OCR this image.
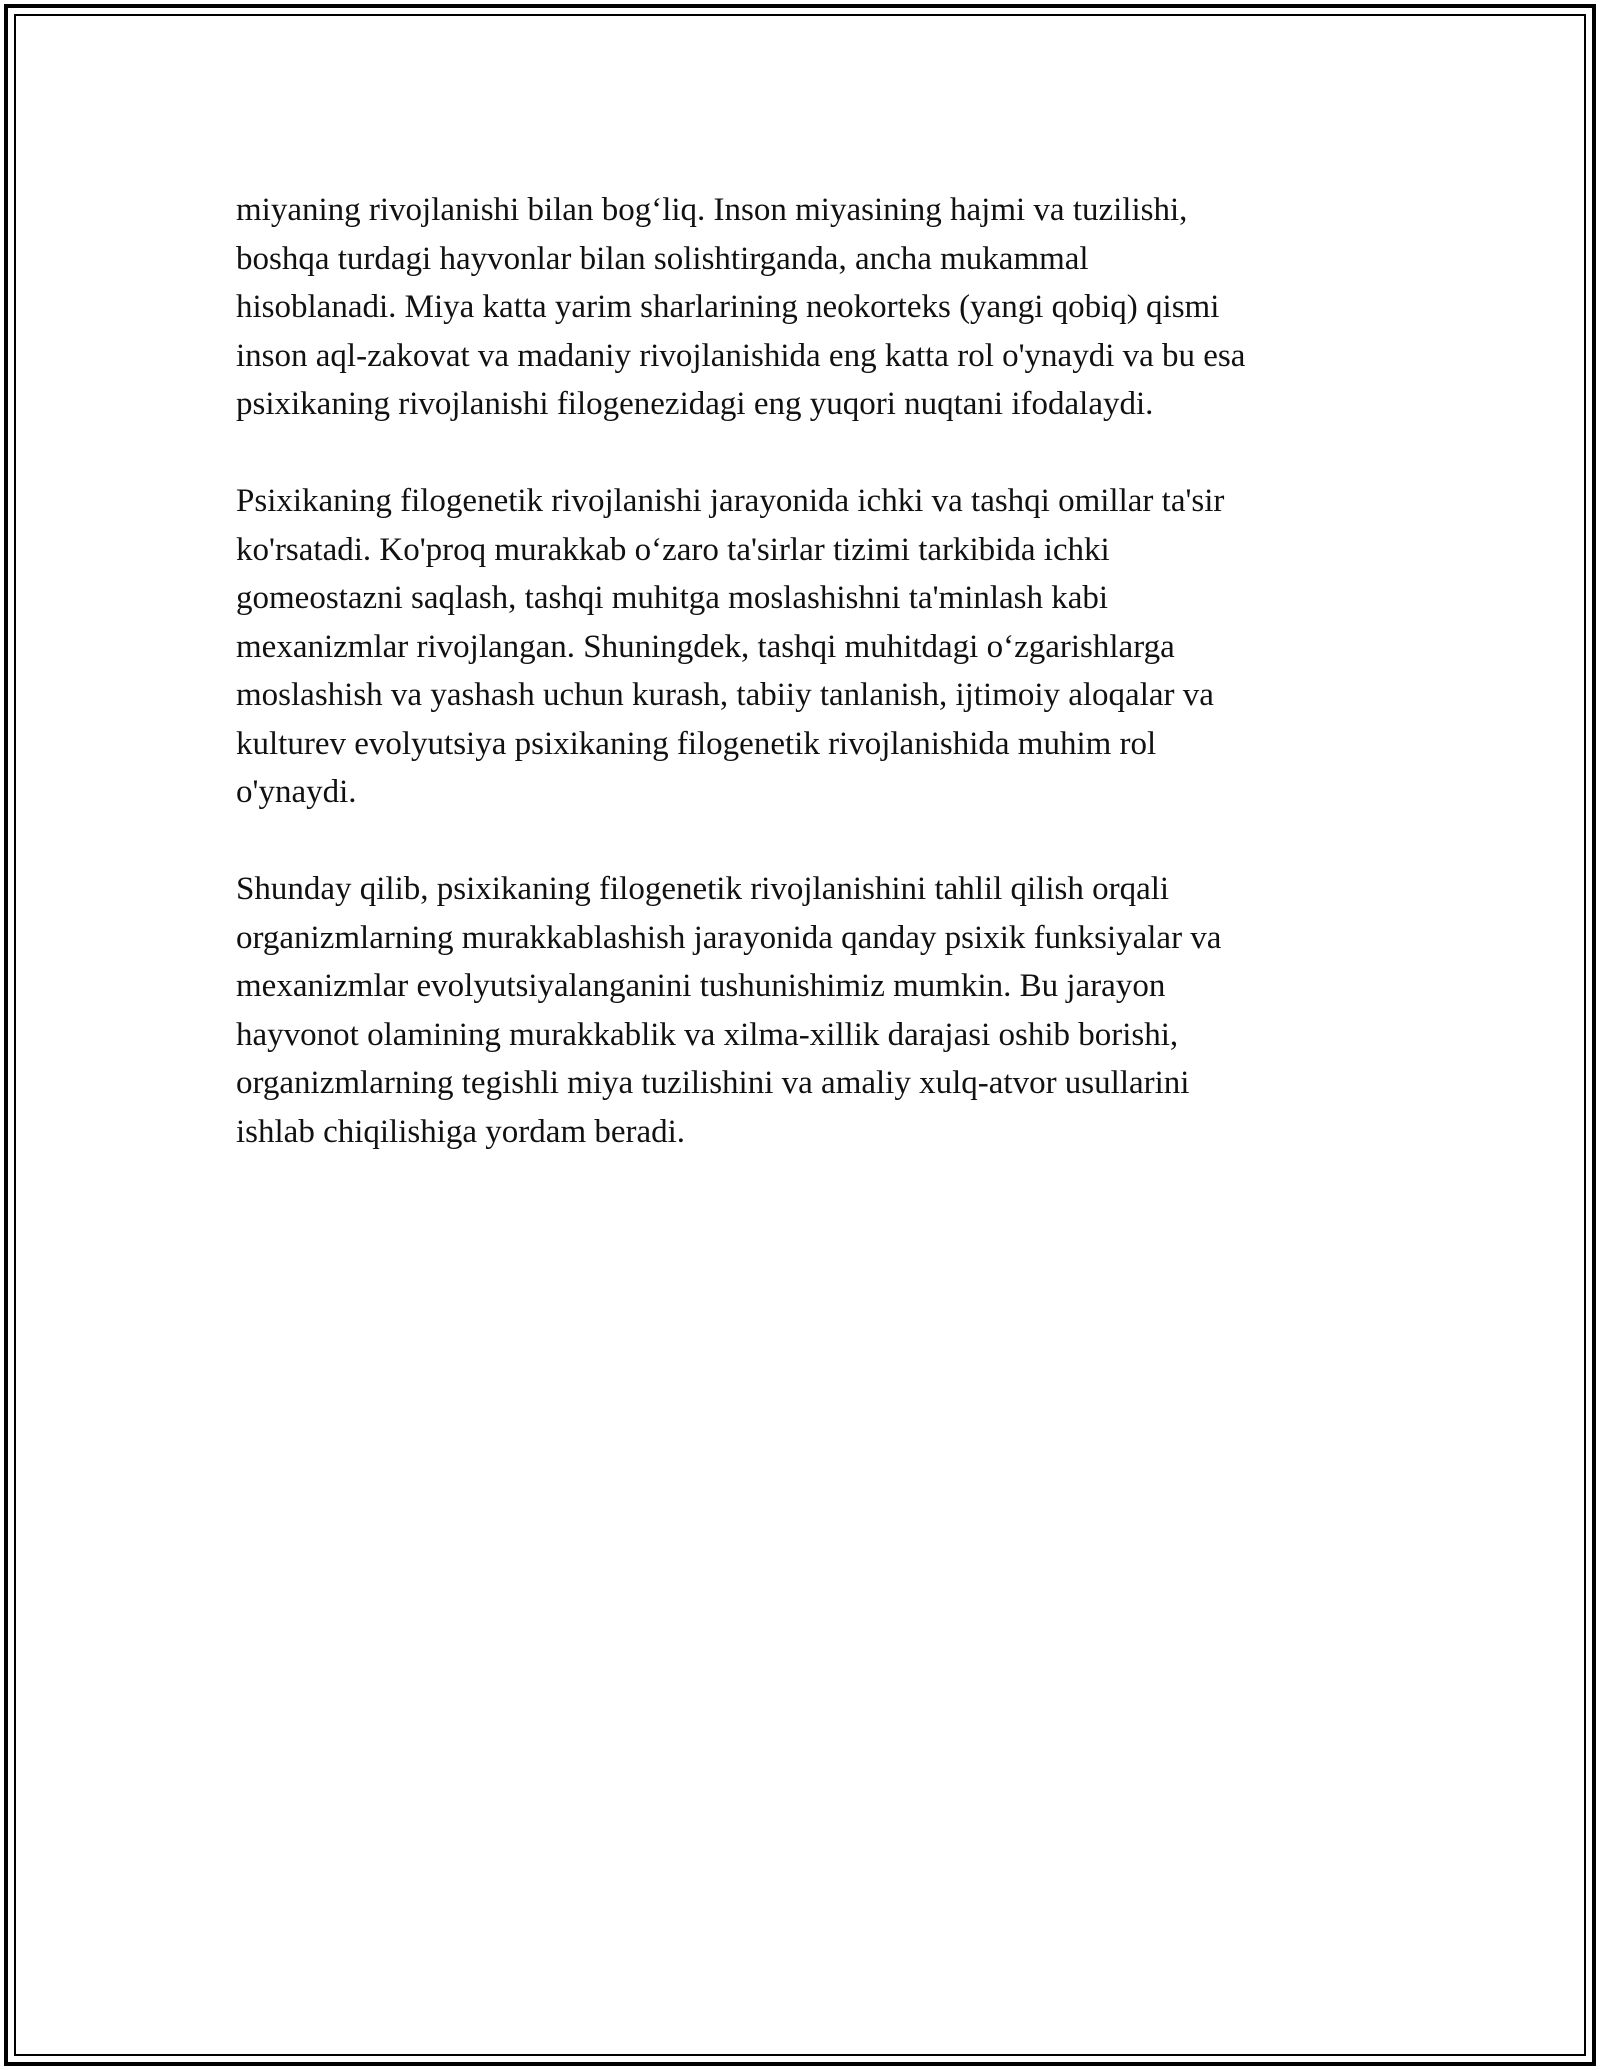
miyaning rivojlanishi bilan bog‘liq. Inson miyasining hajmi va tuzilishi,
boshqa turdagi hayvonlar bilan solishtirganda, ancha mukammal
hisoblanadi. Miya katta yarim sharlarining neokorteks (yangi qobiq) qismi
inson aql-zakovat va madaniy rivojlanishida eng katta rol o'ynaydi va bu esa
psixikaning rivojlanishi filogenezidagi eng yuqori nuqtani ifodalaydi.

Psixikaning filogenetik rivojlanishi jarayonida ichki va tashqi omillar ta'sir
ko'rsatadi. Ko'proq murakkab o‘zaro ta'sirlar tizimi tarkibida ichki
gomeostazni saqlash, tashqi muhitga moslashishni ta'minlash kabi
mexanizmlar rivojlangan. Shuningdek, tashqi muhitdagi o‘zgarishlarga
moslashish va yashash uchun kurash, tabiiy tanlanish, ijtimoiy aloqalar va
kulturev evolyutsiya psixikaning filogenetik rivojlanishida muhim rol
o'ynaydi.

Shunday qilib, psixikaning filogenetik rivojlanishini tahlil qilish orqali
organizmlarning murakkablashish jarayonida qanday psixik funksiyalar va
mexanizmlar evolyutsiyalanganini tushunishimiz mumkin. Bu jarayon
hayvonot olamining murakkablik va xilma-xillik darajasi oshib borishi,
organizmlarning tegishli miya tuzilishini va amaliy xulq-atvor usullarini
ishlab chiqilishiga yordam beradi.
